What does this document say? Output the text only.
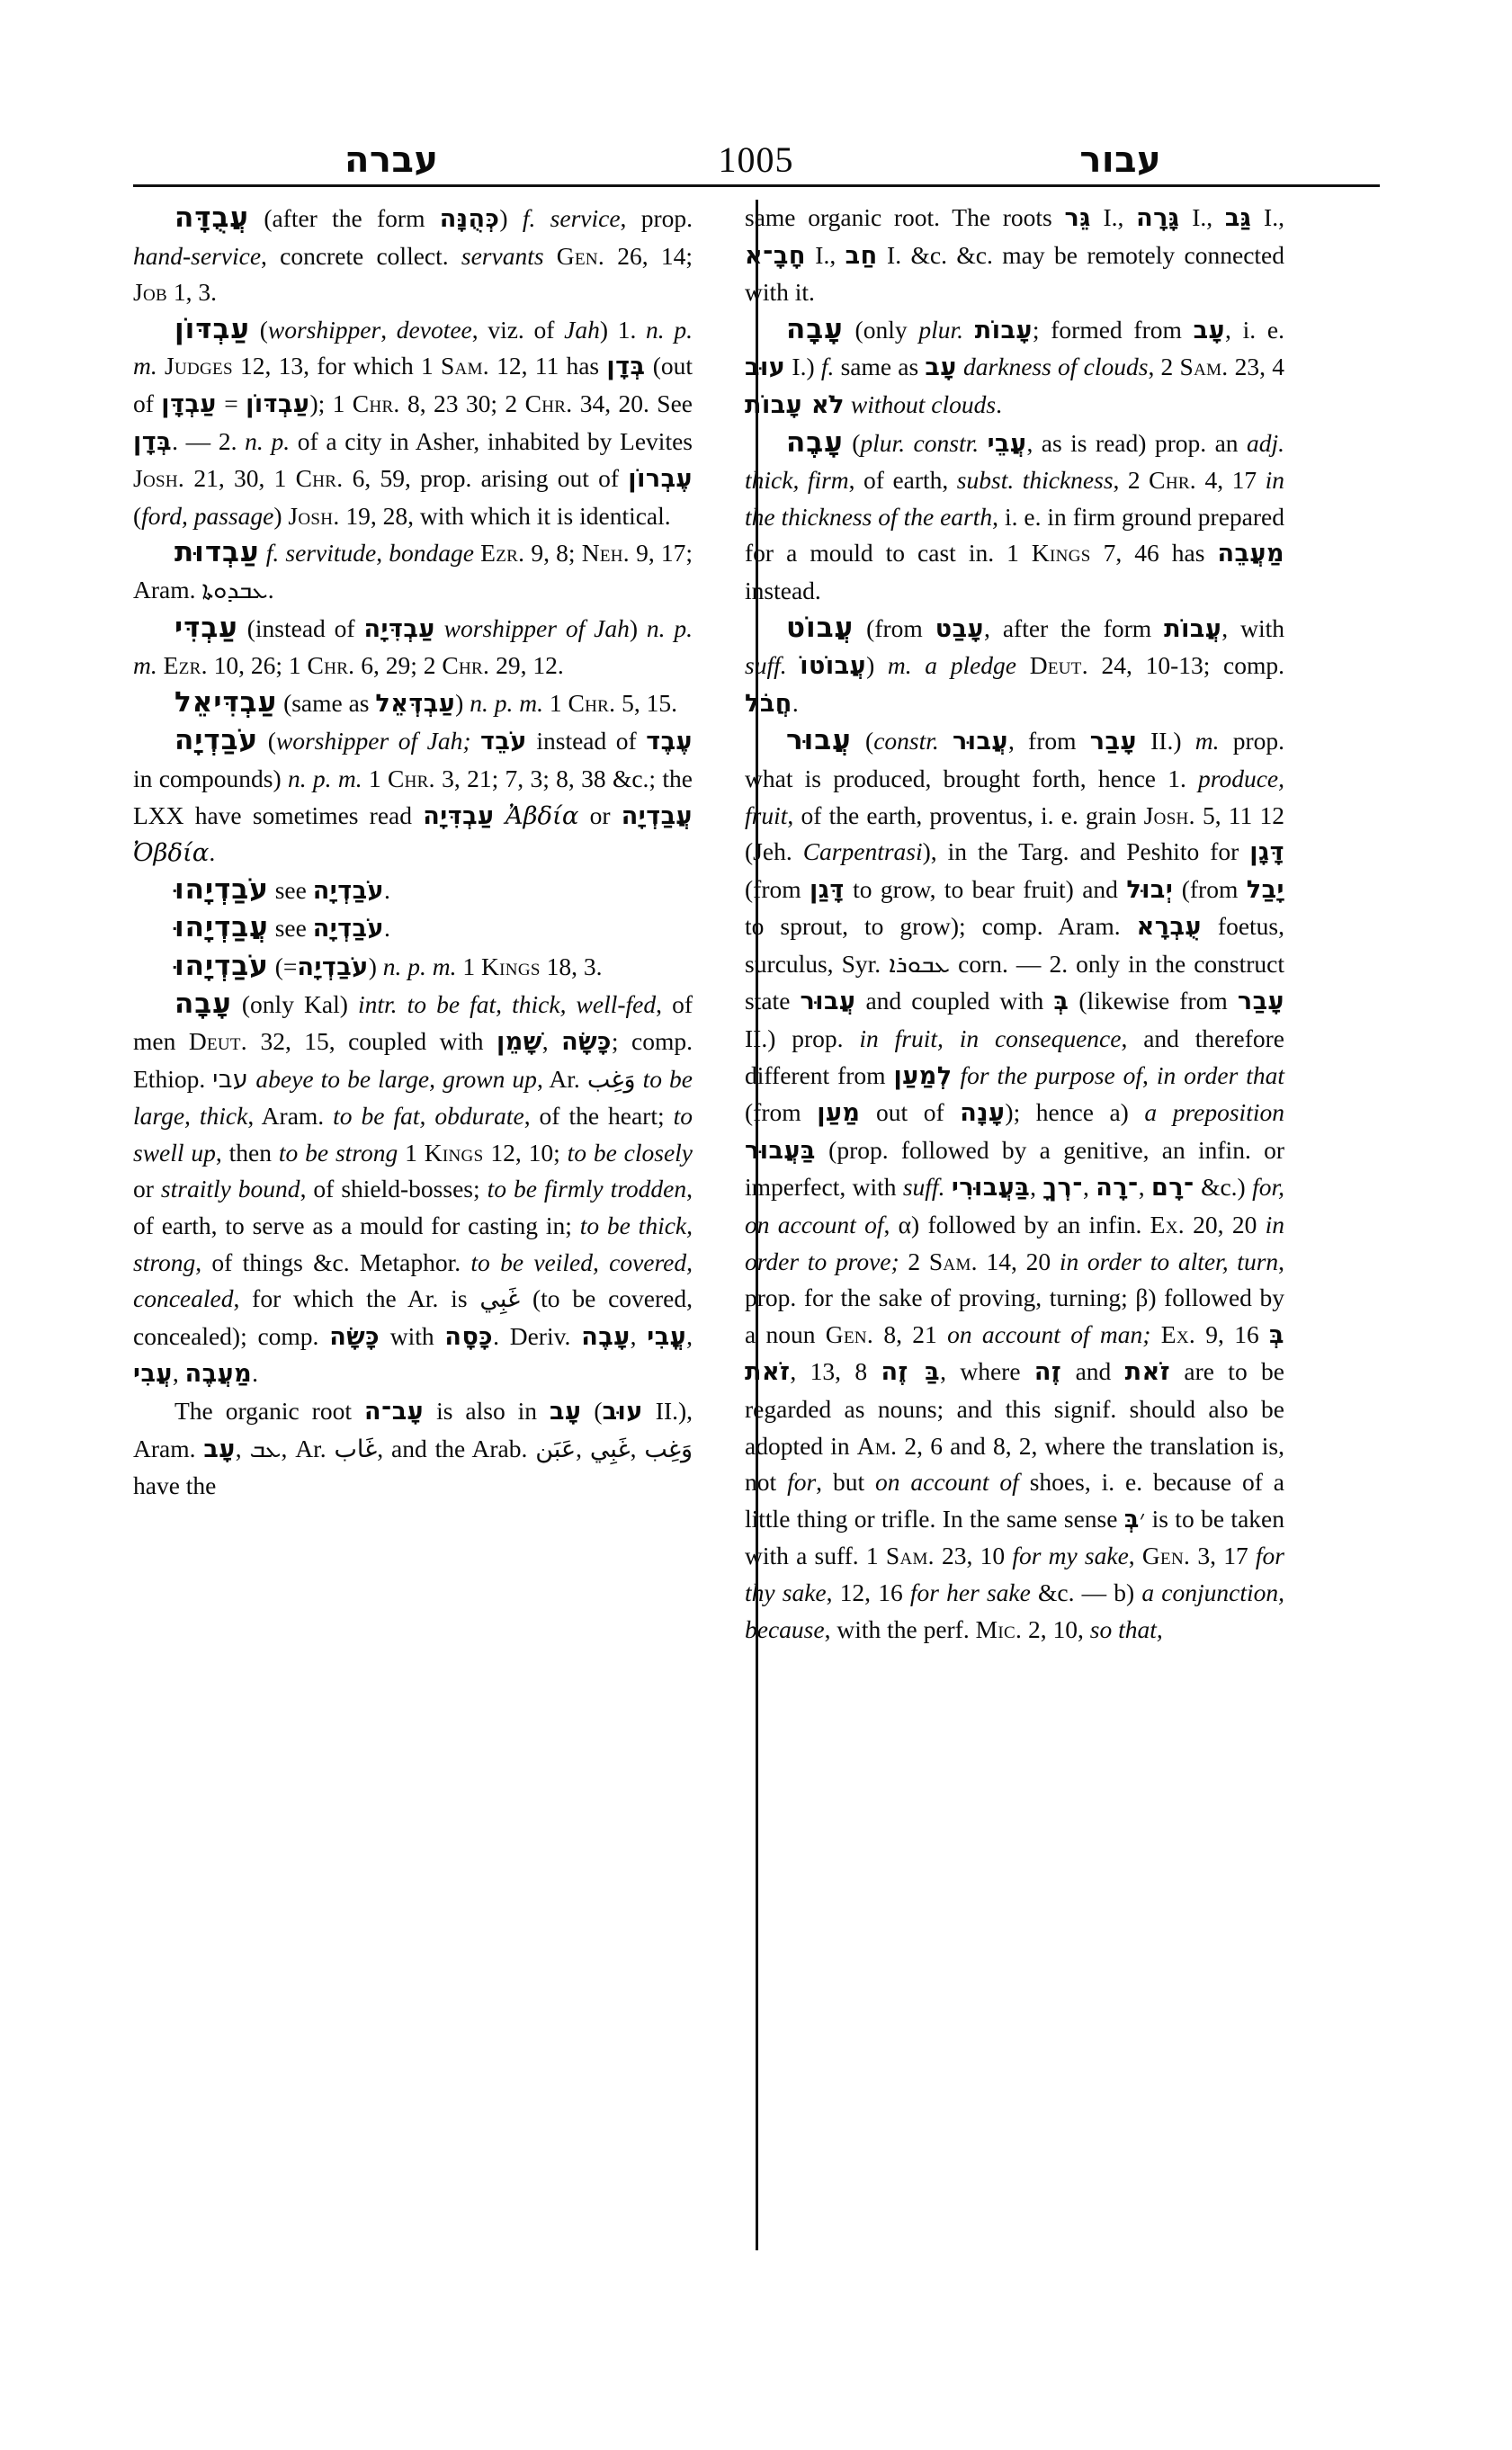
עברה	1005	עבור

עֲבֻדָּה (after the form כְּהֻנָּה) f. service, prop. hand-service, concrete collect. servants Gen. 26, 14; Job 1, 3.

עַבְדּוֹן (worshipper, devotee, viz. of Jah) 1. n. p. m. Judges 12, 13, for which 1 Sam. 12, 11 has בְּדָן (out of עַבְדָּן = עַבְדּוֹן); 1 Chr. 8, 23 30; 2 Chr. 34, 20. See בְּדָן. — 2. n. p. of a city in Asher, inhabited by Levites Josh. 21, 30, 1 Chr. 6, 59, prop. arising out of עֶבְרוֹן (ford, passage) Josh. 19, 28, with which it is identical.

עַבְדוּת f. servitude, bondage Ezr. 9, 8; Neh. 9, 17; Aram. ܥܒܕܘܬܐ.

עַבְדִּי (instead of עַבְדִּיָה worshipper of Jah) n. p. m. Ezr. 10, 26; 1 Chr. 6, 29; 2 Chr. 29, 12.

עַבְדִּיאֵל (same as עַבְדְּאֵל) n. p. m. 1 Chr. 5, 15.

עֹבַדְיָה (worshipper of Jah; עֹבֵד instead of עֶבֶד in compounds) n. p. m. 1 Chr. 3, 21; 7, 3; 8, 38 &c.; the LXX have sometimes read עַבְדִּיָה Ἀβδία or עֲבַדְיָה Ὀβδία.

עֹבַדְיָהוּ see עֹבַדְיָה.

עֲבַדְיָהוּ see עֹבַדְיָה.

עֹבַדְיָהוּ (=עֹבַדְיָה) n. p. m. 1 Kings 18, 3.

עָבָה (only Kal) intr. to be fat, thick, well-fed, of men Deut. 32, 15, coupled with שָׁמֵן, כָּשָׂה; comp. Ethiop. עבי abeye to be large, grown up, Ar. وَغِب to be large, thick, Aram. to be fat, obdurate, of the heart; to swell up, then to be strong 1 Kings 12, 10; to be closely or straitly bound, of shield-bosses; to be firmly trodden, of earth, to serve as a mould for casting in; to be thick, strong, of things &c. Metaphor. to be veiled, covered, concealed, for which the Ar. is غَبِي (to be covered, concealed); comp. כָּשָׂה with כָּסָה. Deriv. עָבֶה, עֳבִי, עֲבִי, מַעֲבֶה.

The organic root עָב־ה is also in עָב (עוּב II.), Aram. עָב, ܥܒ, Ar. غَاب, and the Arab. عَبَن, غَبِي, وَغِب have the

same organic root. The roots גֵּר I., גָּרָה I., גַּב I., חָבָ־א I., חַב I. &c. &c. may be remotely connected with it.

עָבָה (only plur. עָבוֹת; formed from עָב, i. e. עוּב I.) f. same as עָב darkness of clouds, 2 Sam. 23, 4 לֹא עָבוֹת without clouds.

עָבֶה (plur. constr. עֲבֵי, as is read) prop. an adj. thick, firm, of earth, subst. thickness, 2 Chr. 4, 17 in the thickness of the earth, i. e. in firm ground prepared for a mould to cast in. 1 Kings 7, 46 has מַעֲבֵה instead.

עֲבוֹט (from עָבַט, after the form עֲבוֹת, with suff. עֲבוֹטוֹ) m. a pledge Deut. 24, 10-13; comp. חֲבֹל.

עֲבוּר (constr. עֲבוּר, from עָבַר II.) m. prop. what is produced, brought forth, hence 1. produce, fruit, of the earth, proventus, i. e. grain Josh. 5, 11 12 (Jeh. Carpentrasi), in the Targ. and Peshito for דָּגָן (from דָּגַן to grow, to bear fruit) and יְבוּל (from יָבַל to sprout, to grow); comp. Aram. עֻבְרָא foetus, surculus, Syr. ܥܒܘܪܐ corn. — 2. only in the construct state עֲבוּר and coupled with בְּ (likewise from עָבַר II.) prop. in fruit, in consequence, and therefore different from לְמַעַן for the purpose of, in order that (from מַעַן out of עָנָה); hence a) a preposition בַּעֲבוּר (prop. followed by a genitive, an infin. or imperfect, with suff. בַּעֲבוּרִי, ־רְךָ, ־רָה, ־רָם &c.) for, on account of, α) followed by an infin. Ex. 20, 20 in order to prove; 2 Sam. 14, 20 in order to alter, turn, prop. for the sake of proving, turning; β) followed by a noun Gen. 8, 21 on account of man; Ex. 9, 16 בְּ זֹאת, 13, 8 בַּ זֶה, where זֶה and זֹאת are to be regarded as nouns; and this signif. should also be adopted in Am. 2, 6 and 8, 2, where the translation is, not for, but on account of shoes, i. e. because of a little thing or trifle. In the same sense בְּ׳ is to be taken with a suff. 1 Sam. 23, 10 for my sake, Gen. 3, 17 for thy sake, 12, 16 for her sake &c. — b) a conjunction, because, with the perf. Mic. 2, 10, so that,
